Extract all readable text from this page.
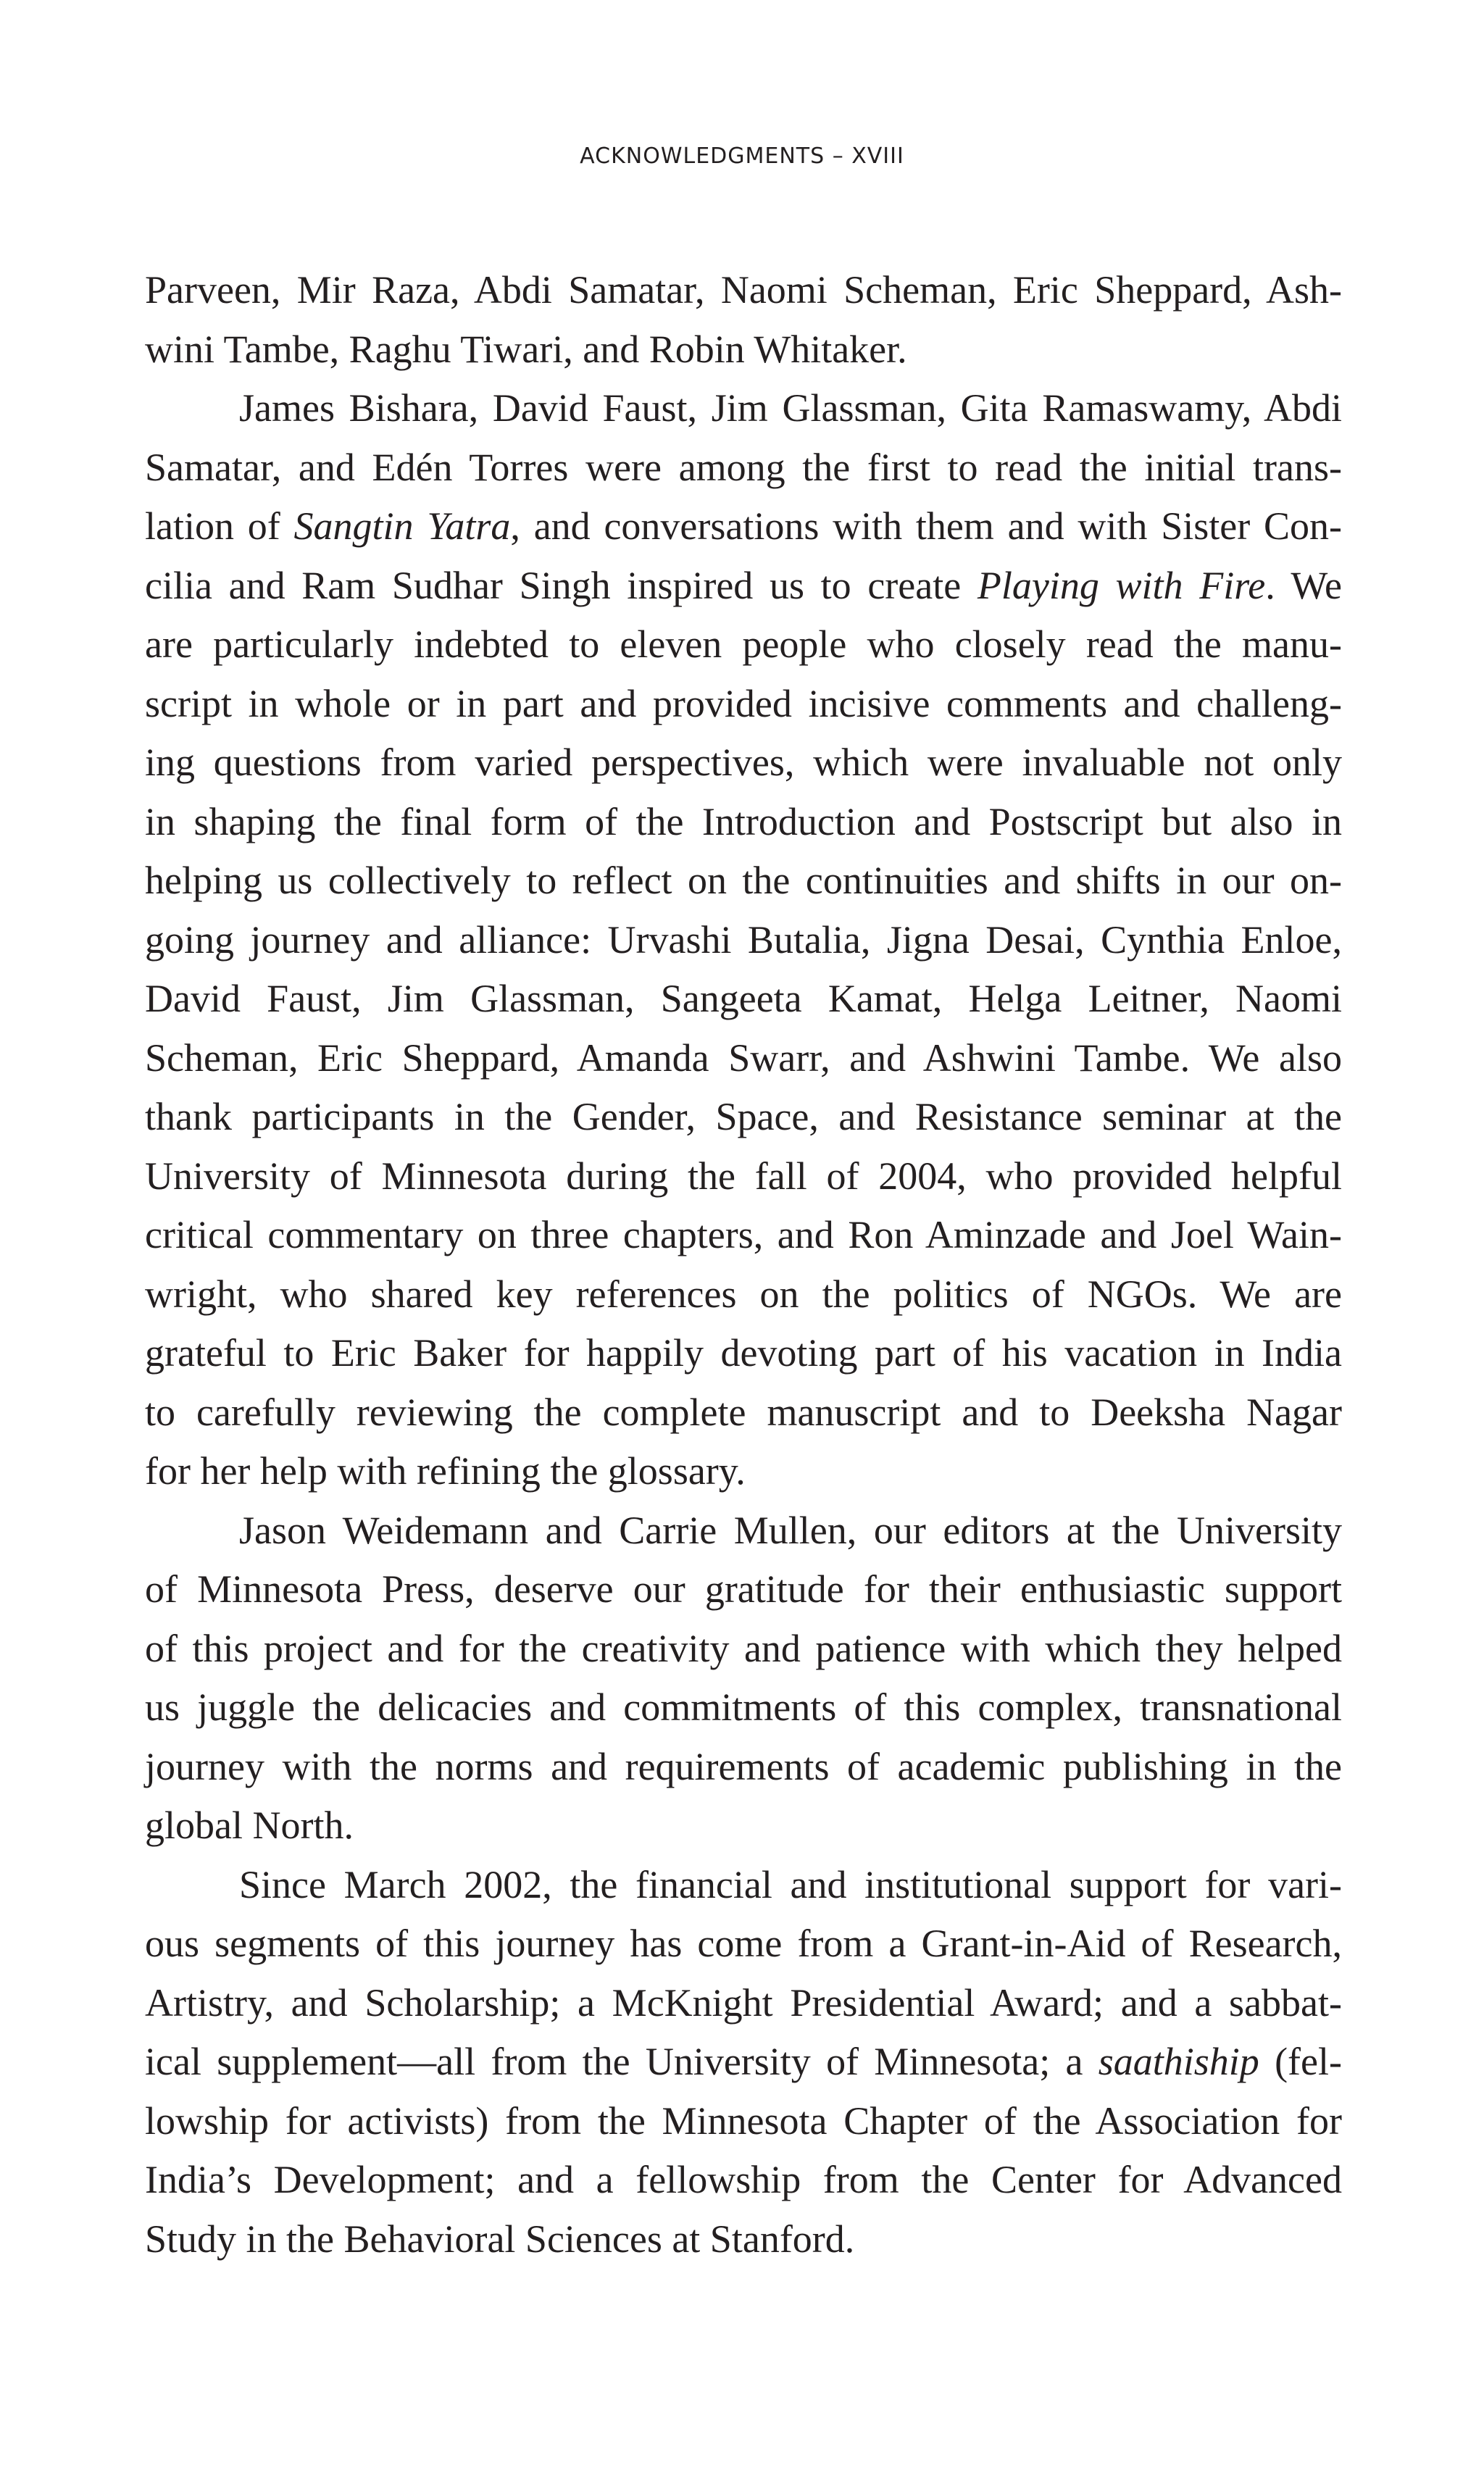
ACKNOWLEDGMENTS – XVIII
Parveen, Mir Raza, Abdi Samatar, Naomi Scheman, Eric Sheppard, Ash-
wini Tambe, Raghu Tiwari, and Robin Whitaker.
James Bishara, David Faust, Jim Glassman, Gita Ramaswamy, Abdi
Samatar, and Edén Torres were among the first to read the initial trans-
lation of Sangtin Yatra, and conversations with them and with Sister Con-
cilia and Ram Sudhar Singh inspired us to create Playing with Fire. We
are particularly indebted to eleven people who closely read the manu-
script in whole or in part and provided incisive comments and challeng-
ing questions from varied perspectives, which were invaluable not only
in shaping the final form of the Introduction and Postscript but also in
helping us collectively to reflect on the continuities and shifts in our on-
going journey and alliance: Urvashi Butalia, Jigna Desai, Cynthia Enloe,
David Faust, Jim Glassman, Sangeeta Kamat, Helga Leitner, Naomi
Scheman, Eric Sheppard, Amanda Swarr, and Ashwini Tambe. We also
thank participants in the Gender, Space, and Resistance seminar at the
University of Minnesota during the fall of 2004, who provided helpful
critical commentary on three chapters, and Ron Aminzade and Joel Wain-
wright, who shared key references on the politics of NGOs. We are
grateful to Eric Baker for happily devoting part of his vacation in India
to carefully reviewing the complete manuscript and to Deeksha Nagar
for her help with refining the glossary.
Jason Weidemann and Carrie Mullen, our editors at the University
of Minnesota Press, deserve our gratitude for their enthusiastic support
of this project and for the creativity and patience with which they helped
us juggle the delicacies and commitments of this complex, transnational
journey with the norms and requirements of academic publishing in the
global North.
Since March 2002, the financial and institutional support for vari-
ous segments of this journey has come from a Grant-in-Aid of Research,
Artistry, and Scholarship; a McKnight Presidential Award; and a sabbat-
ical supplement—all from the University of Minnesota; a saathiship (fel-
lowship for activists) from the Minnesota Chapter of the Association for
India’s Development; and a fellowship from the Center for Advanced
Study in the Behavioral Sciences at Stanford.
